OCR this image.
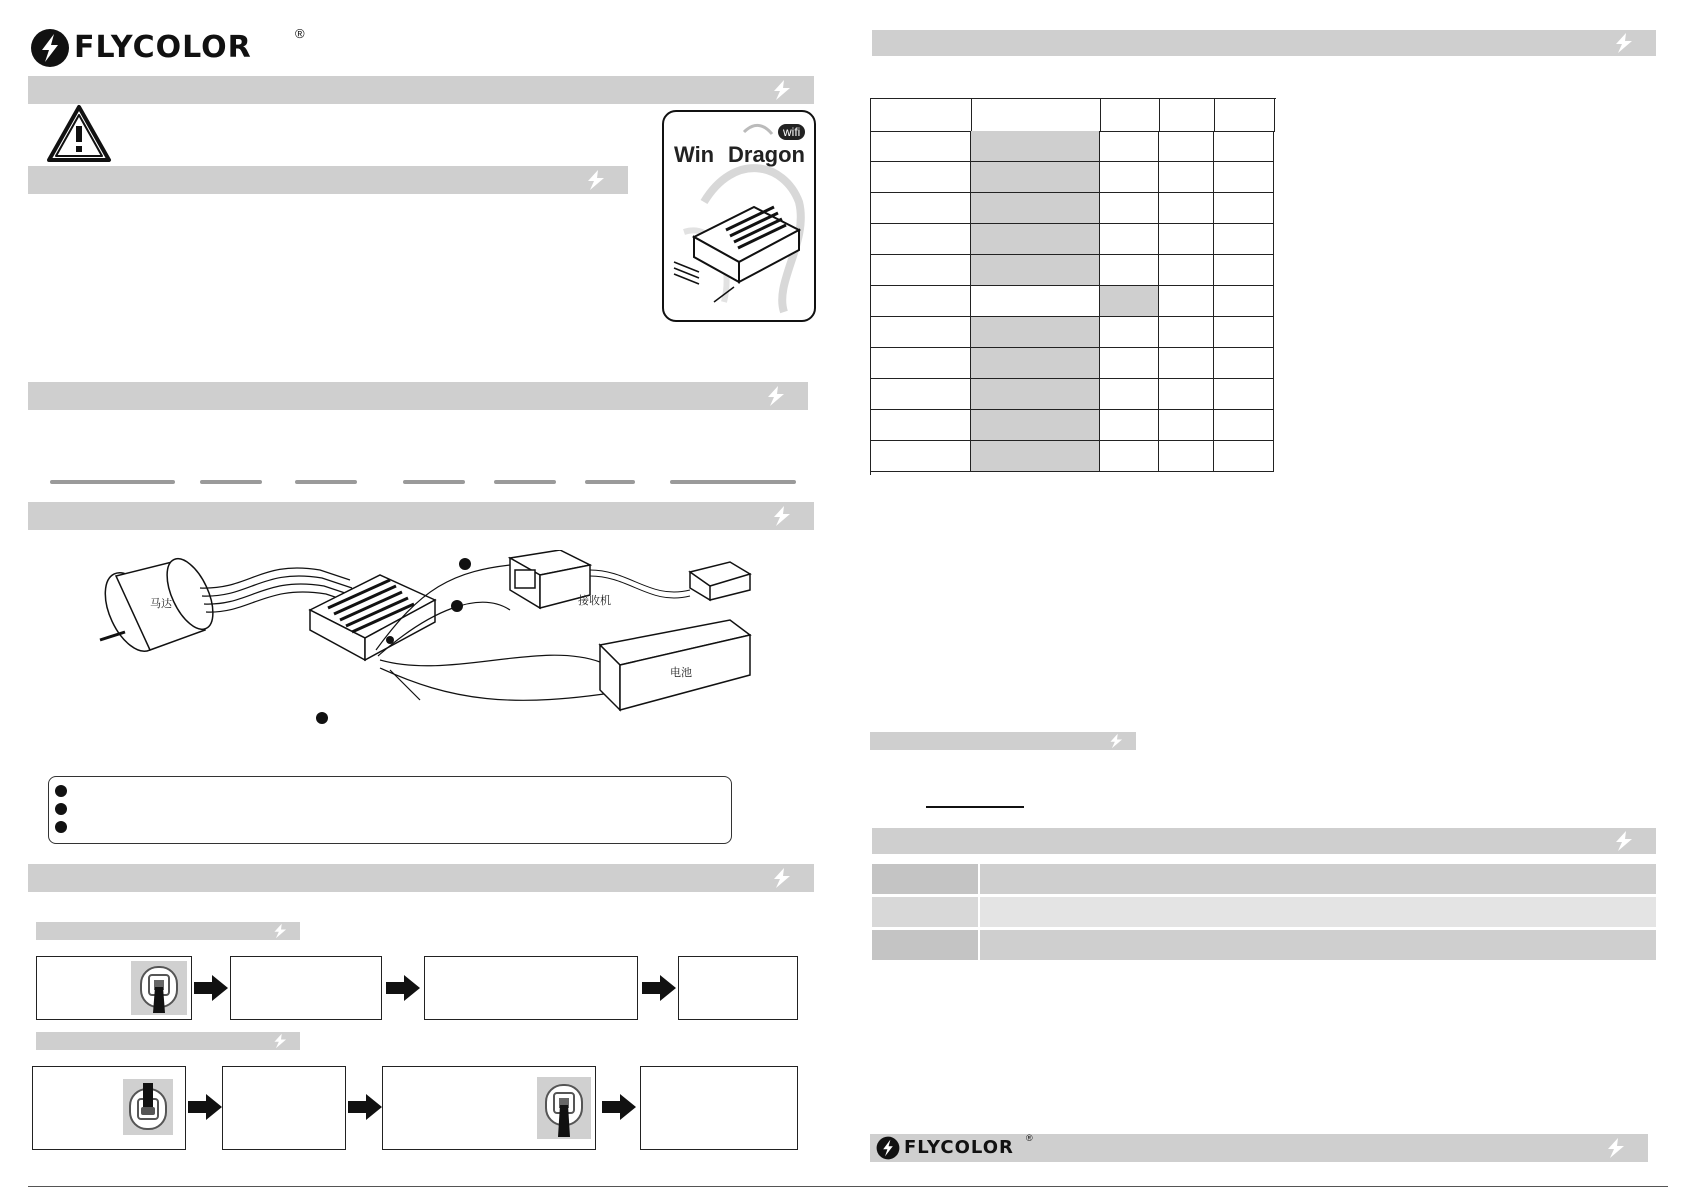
FLYCOLOR	®
Win Dragon
wifi
马达	接收机
电池
FLYCOLOR ®
